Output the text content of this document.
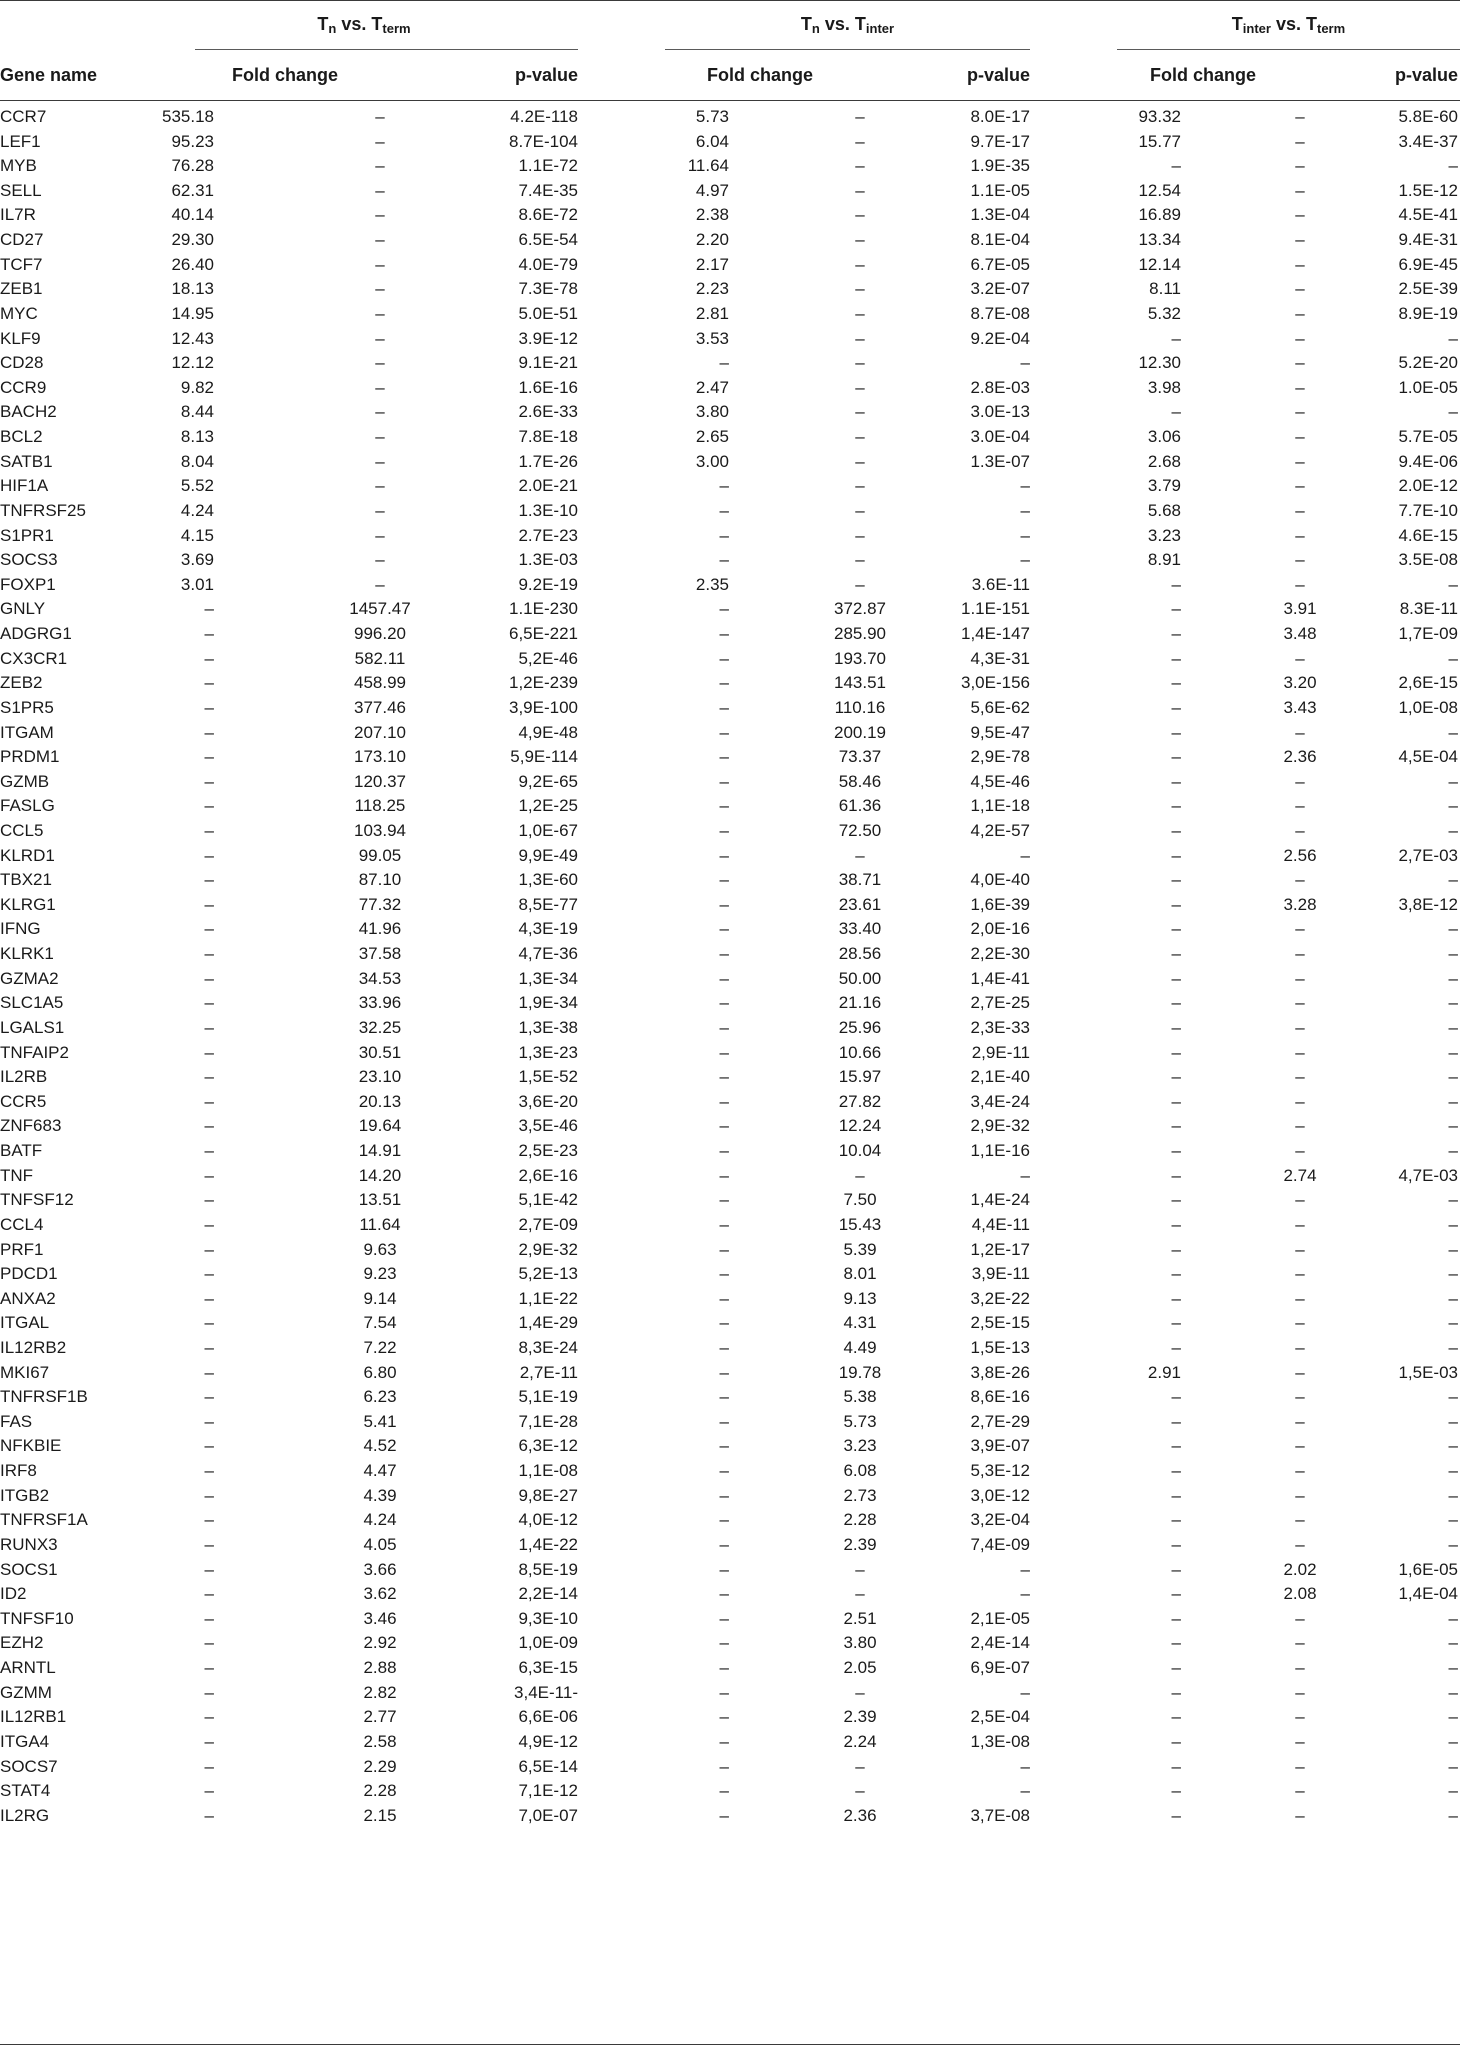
$T_n$ vs. $T_{term}$	$T_n$ vs. $T_{inter}$	$T_{inter}$ vs. $T_{term}$
Gene name	Fold change	p-value	Fold change	p-value	Fold change	p-value
CCR7	535.18	–	4.2E-118	5.73	–	8.0E-17	93.32	–	5.8E-60
LEF1	95.23	–	8.7E-104	6.04	–	9.7E-17	15.77	–	3.4E-37
MYB	76.28	–	1.1E-72	11.64	–	1.9E-35	–	–	–
SELL	62.31	–	7.4E-35	4.97	–	1.1E-05	12.54	–	1.5E-12
IL7R	40.14	–	8.6E-72	2.38	–	1.3E-04	16.89	–	4.5E-41
CD27	29.30	–	6.5E-54	2.20	–	8.1E-04	13.34	–	9.4E-31
TCF7	26.40	–	4.0E-79	2.17	–	6.7E-05	12.14	–	6.9E-45
ZEB1	18.13	–	7.3E-78	2.23	–	3.2E-07	8.11	–	2.5E-39
MYC	14.95	–	5.0E-51	2.81	–	8.7E-08	5.32	–	8.9E-19
KLF9	12.43	–	3.9E-12	3.53	–	9.2E-04	–	–	–
CD28	12.12	–	9.1E-21	–	–	–	12.30	–	5.2E-20
CCR9	9.82	–	1.6E-16	2.47	–	2.8E-03	3.98	–	1.0E-05
BACH2	8.44	–	2.6E-33	3.80	–	3.0E-13	–	–	–
BCL2	8.13	–	7.8E-18	2.65	–	3.0E-04	3.06	–	5.7E-05
SATB1	8.04	–	1.7E-26	3.00	–	1.3E-07	2.68	–	9.4E-06
HIF1A	5.52	–	2.0E-21	–	–	–	3.79	–	2.0E-12
TNFRSF25	4.24	–	1.3E-10	–	–	–	5.68	–	7.7E-10
S1PR1	4.15	–	2.7E-23	–	–	–	3.23	–	4.6E-15
SOCS3	3.69	–	1.3E-03	–	–	–	8.91	–	3.5E-08
FOXP1	3.01	–	9.2E-19	2.35	–	3.6E-11	–	–	–
GNLY	–	1457.47	1.1E-230	–	372.87	1.1E-151	–	3.91	8.3E-11
ADGRG1	–	996.20	6,5E-221	–	285.90	1,4E-147	–	3.48	1,7E-09
CX3CR1	–	582.11	5,2E-46	–	193.70	4,3E-31	–	–	–
ZEB2	–	458.99	1,2E-239	–	143.51	3,0E-156	–	3.20	2,6E-15
S1PR5	–	377.46	3,9E-100	–	110.16	5,6E-62	–	3.43	1,0E-08
ITGAM	–	207.10	4,9E-48	–	200.19	9,5E-47	–	–	–
PRDM1	–	173.10	5,9E-114	–	73.37	2,9E-78	–	2.36	4,5E-04
GZMB	–	120.37	9,2E-65	–	58.46	4,5E-46	–	–	–
FASLG	–	118.25	1,2E-25	–	61.36	1,1E-18	–	–	–
CCL5	–	103.94	1,0E-67	–	72.50	4,2E-57	–	–	–
KLRD1	–	99.05	9,9E-49	–	–	–	–	2.56	2,7E-03
TBX21	–	87.10	1,3E-60	–	38.71	4,0E-40	–	–	–
KLRG1	–	77.32	8,5E-77	–	23.61	1,6E-39	–	3.28	3,8E-12
IFNG	–	41.96	4,3E-19	–	33.40	2,0E-16	–	–	–
KLRK1	–	37.58	4,7E-36	–	28.56	2,2E-30	–	–	–
GZMA2	–	34.53	1,3E-34	–	50.00	1,4E-41	–	–	–
SLC1A5	–	33.96	1,9E-34	–	21.16	2,7E-25	–	–	–
LGALS1	–	32.25	1,3E-38	–	25.96	2,3E-33	–	–	–
TNFAIP2	–	30.51	1,3E-23	–	10.66	2,9E-11	–	–	–
IL2RB	–	23.10	1,5E-52	–	15.97	2,1E-40	–	–	–
CCR5	–	20.13	3,6E-20	–	27.82	3,4E-24	–	–	–
ZNF683	–	19.64	3,5E-46	–	12.24	2,9E-32	–	–	–
BATF	–	14.91	2,5E-23	–	10.04	1,1E-16	–	–	–
TNF	–	14.20	2,6E-16	–	–	–	–	2.74	4,7E-03
TNFSF12	–	13.51	5,1E-42	–	7.50	1,4E-24	–	–	–
CCL4	–	11.64	2,7E-09	–	15.43	4,4E-11	–	–	–
PRF1	–	9.63	2,9E-32	–	5.39	1,2E-17	–	–	–
PDCD1	–	9.23	5,2E-13	–	8.01	3,9E-11	–	–	–
ANXA2	–	9.14	1,1E-22	–	9.13	3,2E-22	–	–	–
ITGAL	–	7.54	1,4E-29	–	4.31	2,5E-15	–	–	–
IL12RB2	–	7.22	8,3E-24	–	4.49	1,5E-13	–	–	–
MKI67	–	6.80	2,7E-11	–	19.78	3,8E-26	2.91	–	1,5E-03
TNFRSF1B	–	6.23	5,1E-19	–	5.38	8,6E-16	–	–	–
FAS	–	5.41	7,1E-28	–	5.73	2,7E-29	–	–	–
NFKBIE	–	4.52	6,3E-12	–	3.23	3,9E-07	–	–	–
IRF8	–	4.47	1,1E-08	–	6.08	5,3E-12	–	–	–
ITGB2	–	4.39	9,8E-27	–	2.73	3,0E-12	–	–	–
TNFRSF1A	–	4.24	4,0E-12	–	2.28	3,2E-04	–	–	–
RUNX3	–	4.05	1,4E-22	–	2.39	7,4E-09	–	–	–
SOCS1	–	3.66	8,5E-19	–	–	–	–	2.02	1,6E-05
ID2	–	3.62	2,2E-14	–	–	–	–	2.08	1,4E-04
TNFSF10	–	3.46	9,3E-10	–	2.51	2,1E-05	–	–	–
EZH2	–	2.92	1,0E-09	–	3.80	2,4E-14	–	–	–
ARNTL	–	2.88	6,3E-15	–	2.05	6,9E-07	–	–	–
GZMM	–	2.82	3,4E-11-	–	–	–	–	–	–
IL12RB1	–	2.77	6,6E-06	–	2.39	2,5E-04	–	–	–
ITGA4	–	2.58	4,9E-12	–	2.24	1,3E-08	–	–	–
SOCS7	–	2.29	6,5E-14	–	–	–	–	–	–
STAT4	–	2.28	7,1E-12	–	–	–	–	–	–
IL2RG	–	2.15	7,0E-07	–	2.36	3,7E-08	–	–	–
